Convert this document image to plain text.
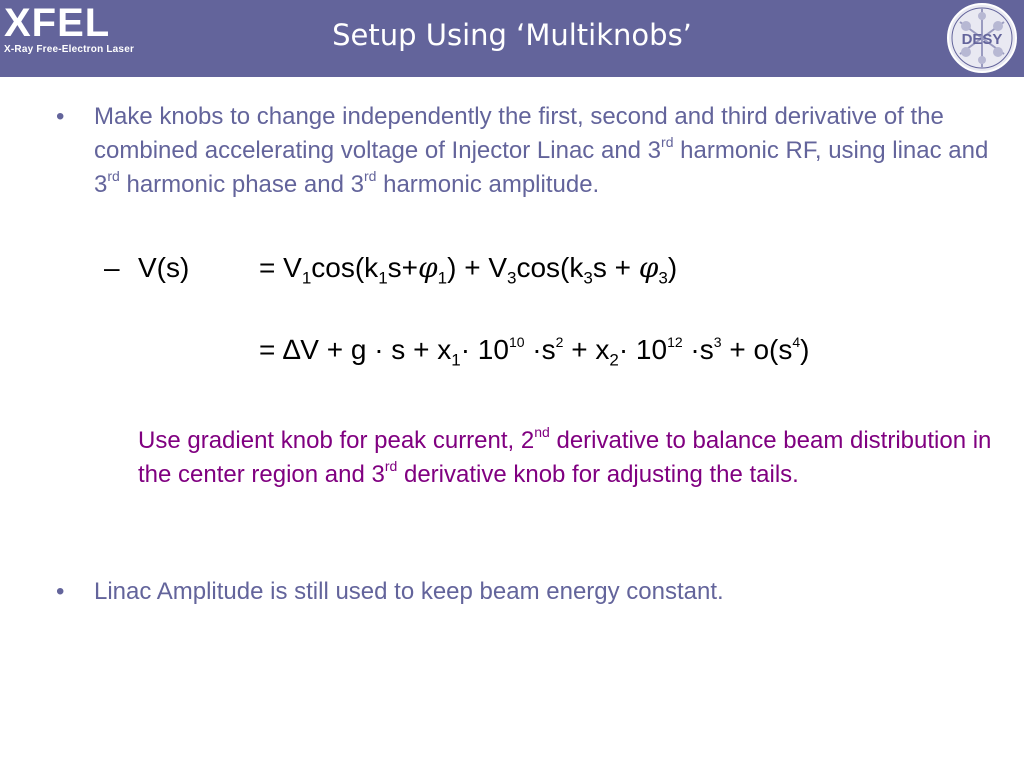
XFEL
X-Ray Free-Electron Laser	Setup Using ‘Multiknobs’	DESY
• Make knobs to change independently the first, second and third derivative of the combined accelerating voltage of Injector Linac and 3rd harmonic RF, using linac and 3rd harmonic phase and 3rd harmonic amplitude.
– $V(s) = V_1\cos(k_1s+\varphi_1) + V_3\cos(k_3s + \varphi_3)$
= $\Delta V + g \cdot s + x_1\cdot 10^{10} \cdot s^2 + x_2\cdot 10^{12} \cdot s^3 + o(s^4)$
Use gradient knob for peak current, 2nd derivative to balance beam distribution in the center region and 3rd derivative knob for adjusting the tails.
• Linac Amplitude is still used to keep beam energy constant.
